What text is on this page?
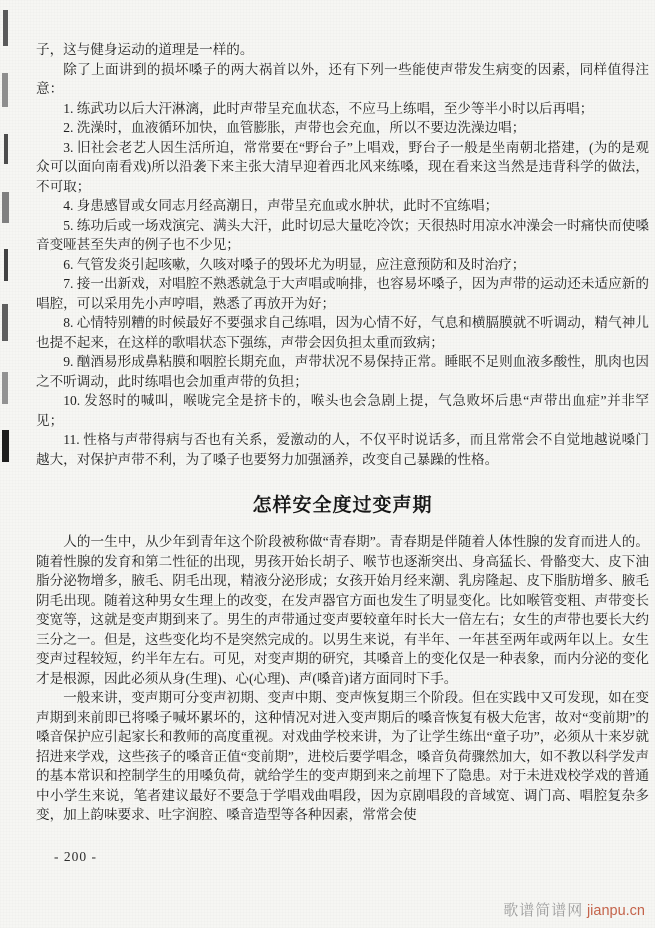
子，这与健身运动的道理是一样的。

除了上面讲到的损坏嗓子的两大祸首以外，还有下列一些能使声带发生病变的因素，同样值得注意：

1. 练武功以后大汗淋漓，此时声带呈充血状态，不应马上练唱，至少等半小时以后再唱；

2. 洗澡时，血液循环加快，血管膨胀，声带也会充血，所以不要边洗澡边唱；

3. 旧社会老艺人因生活所迫，常常要在“野台子”上唱戏，野台子一般是坐南朝北搭建，(为的是观众可以面向南看戏)所以沿袭下来主张大清早迎着西北风来练嗓，现在看来这当然是违背科学的做法，不可取；

4. 身患感冒或女同志月经高潮日，声带呈充血或水肿状，此时不宜练唱；

5. 练功后或一场戏演完、满头大汗，此时切忌大量吃冷饮；天很热时用凉水冲澡会一时痛快而使嗓音变哑甚至失声的例子也不少见；

6. 气管发炎引起咳嗽，久咳对嗓子的毁坏尤为明显，应注意预防和及时治疗；

7. 接一出新戏，对唱腔不熟悉就急于大声唱或响排，也容易坏嗓子，因为声带的运动还未适应新的唱腔，可以采用先小声哼唱，熟悉了再放开为好；

8. 心情特别糟的时候最好不要强求自己练唱，因为心情不好，气息和横膈膜就不听调动，精气神儿也提不起来，在这样的歌唱状态下强练，声带会因负担太重而致病；

9. 酗酒易形成鼻粘膜和咽腔长期充血，声带状况不易保持正常。睡眠不足则血液多酸性，肌肉也因之不听调动，此时练唱也会加重声带的负担；

10. 发怒时的喊叫，喉咙完全是挤卡的，喉头也会急剧上提，气急败坏后患“声带出血症”并非罕见；

11. 性格与声带得病与否也有关系，爱激动的人，不仅平时说话多，而且常常会不自觉地越说嗓门越大，对保护声带不利，为了嗓子也要努力加强涵养，改变自己暴躁的性格。

怎样安全度过变声期

人的一生中，从少年到青年这个阶段被称做“青春期”。青春期是伴随着人体性腺的发育而进人的。随着性腺的发育和第二性征的出现，男孩开始长胡子、喉节也逐渐突出、身高猛长、骨骼变大、皮下油脂分泌物增多，腋毛、阴毛出现，精液分泌形成；女孩开始月经来潮、乳房隆起、皮下脂肪增多、腋毛阴毛出现。随着这种男女生理上的改变，在发声器官方面也发生了明显变化。比如喉管变粗、声带变长变宽等，这就是变声期到来了。男生的声带通过变声要较童年时长大一倍左右；女生的声带也要长大约三分之一。但是，这些变化均不是突然完成的。以男生来说，有半年、一年甚至两年或两年以上。女生变声过程较短，约半年左右。可见，对变声期的研究，其嗓音上的变化仅是一种表象，而内分泌的变化才是根源，因此必须从身(生理)、心(心理)、声(嗓音)诸方面同时下手。

一般来讲，变声期可分变声初期、变声中期、变声恢复期三个阶段。但在实践中又可发现，如在变声期到来前即已将嗓子喊坏累坏的，这种情况对进入变声期后的嗓音恢复有极大危害，故对“变前期”的嗓音保护应引起家长和教师的高度重视。对戏曲学校来讲，为了让学生练出“童子功”，必须从十来岁就招进来学戏，这些孩子的嗓音正值“变前期”，进校后要学唱念，嗓音负荷骤然加大，如不教以科学发声的基本常识和控制学生的用嗓负荷，就给学生的变声期到来之前埋下了隐患。对于未进戏校学戏的普通中小学生来说，笔者建议最好不要急于学唱戏曲唱段，因为京剧唱段的音域宽、调门高、唱腔复杂多变，加上韵味要求、吐字润腔、嗓音造型等各种因素，常常会使

- 200 -
歌谱简谱网 jianpu.cn
